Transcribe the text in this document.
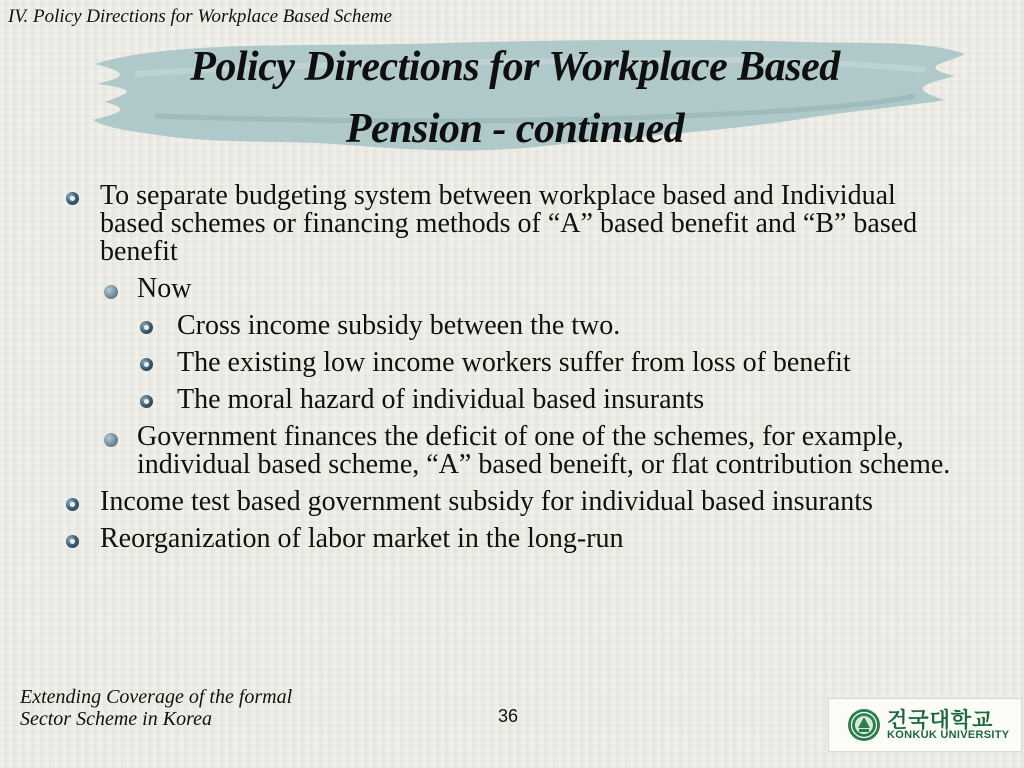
IV. Policy Directions for Workplace Based Scheme
Policy Directions for Workplace Based
Pension - continued
To separate budgeting system between workplace based and Individual based schemes or financing methods of “A” based benefit and “B” based benefit
Now
Cross income subsidy between the two.
The existing low income workers suffer from loss of benefit
The moral hazard of individual based insurants
Government finances the deficit of one of the schemes, for example, individual based scheme, “A” based beneift, or flat contribution scheme.
Income test based government subsidy for individual based insurants
Reorganization of labor market in the long-run
Extending Coverage of the formal
Sector Scheme in Korea	36	건국대학교
KONKUK UNIVERSITY
